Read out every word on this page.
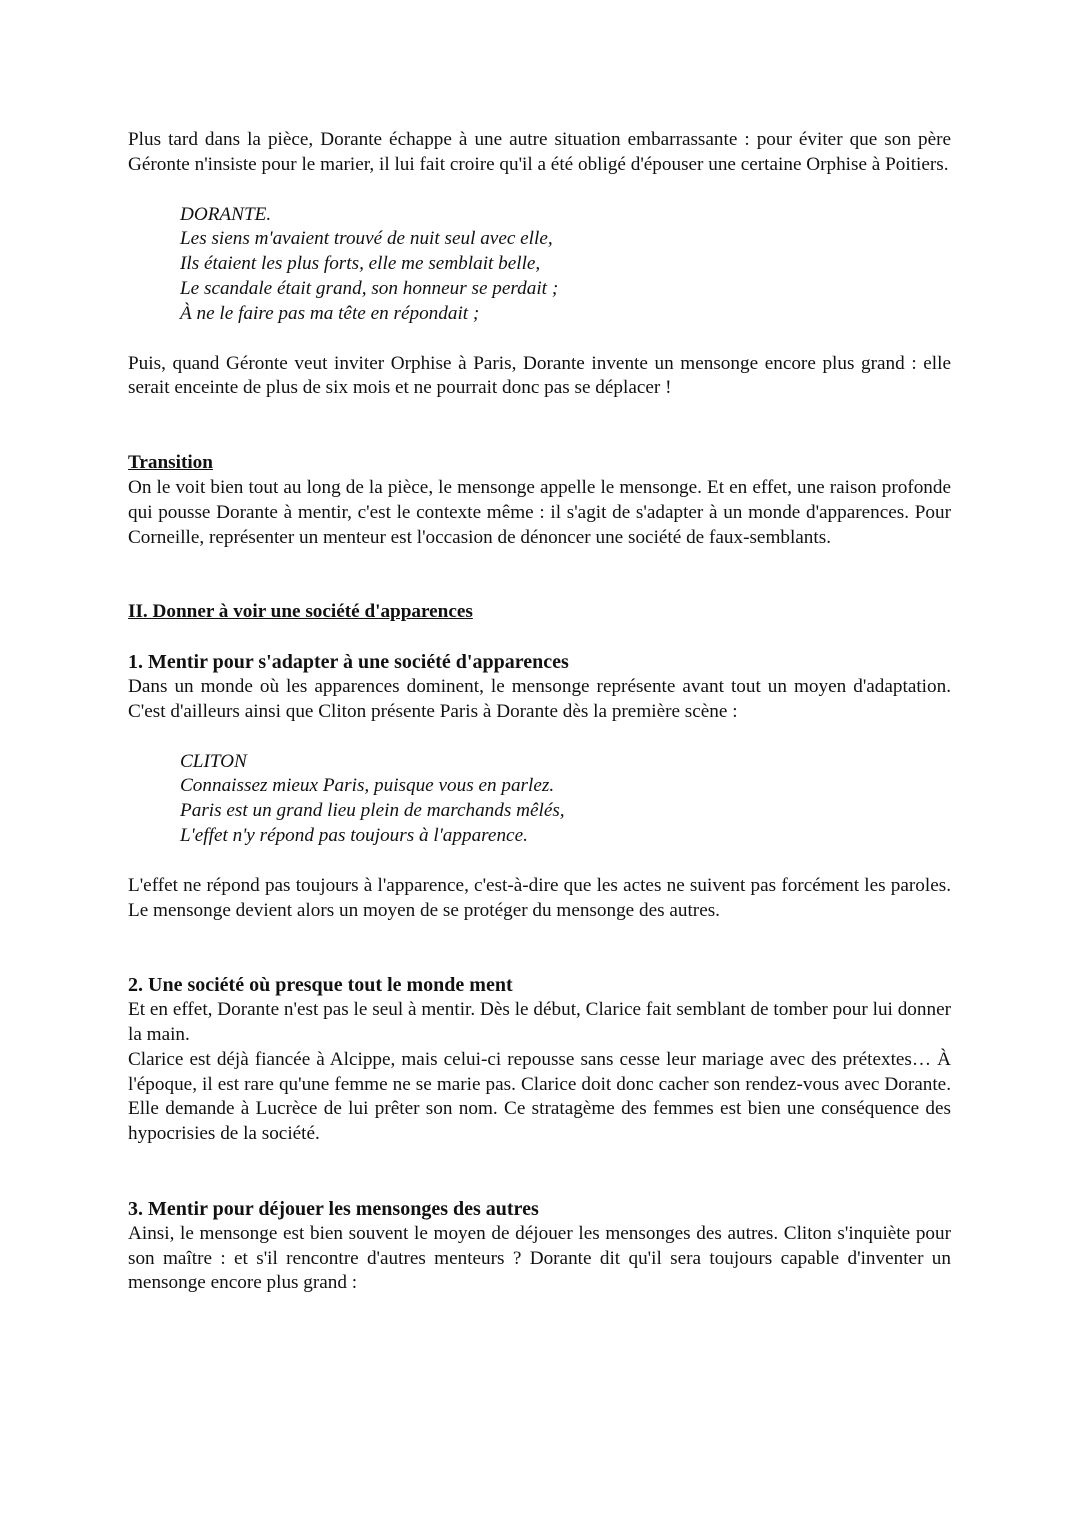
Plus tard dans la pièce, Dorante échappe à une autre situation embarrassante : pour éviter que son père Géronte n'insiste pour le marier, il lui fait croire qu'il a été obligé d'épouser une certaine Orphise à Poitiers.

DORANTE.
Les siens m'avaient trouvé de nuit seul avec elle,
Ils étaient les plus forts, elle me semblait belle,
Le scandale était grand, son honneur se perdait ;
À ne le faire pas ma tête en répondait ;

Puis, quand Géronte veut inviter Orphise à Paris, Dorante invente un mensonge encore plus grand : elle serait enceinte de plus de six mois et ne pourrait donc pas se déplacer !

Transition

On le voit bien tout au long de la pièce, le mensonge appelle le mensonge. Et en effet, une raison profonde qui pousse Dorante à mentir, c'est le contexte même : il s'agit de s'adapter à un monde d'apparences. Pour Corneille, représenter un menteur est l'occasion de dénoncer une société de faux-semblants.

II. Donner à voir une société d'apparences

1. Mentir pour s'adapter à une société d'apparences

Dans un monde où les apparences dominent, le mensonge représente avant tout un moyen d'adaptation. C'est d'ailleurs ainsi que Cliton présente Paris à Dorante dès la première scène :

CLITON
Connaissez mieux Paris, puisque vous en parlez.
Paris est un grand lieu plein de marchands mêlés,
L'effet n'y répond pas toujours à l'apparence.

L'effet ne répond pas toujours à l'apparence, c'est-à-dire que les actes ne suivent pas forcément les paroles. Le mensonge devient alors un moyen de se protéger du mensonge des autres.

2. Une société où presque tout le monde ment

Et en effet, Dorante n'est pas le seul à mentir. Dès le début, Clarice fait semblant de tomber pour lui donner la main.

Clarice est déjà fiancée à Alcippe, mais celui-ci repousse sans cesse leur mariage avec des prétextes… À l'époque, il est rare qu'une femme ne se marie pas. Clarice doit donc cacher son rendez-vous avec Dorante. Elle demande à Lucrèce de lui prêter son nom. Ce stratagème des femmes est bien une conséquence des hypocrisies de la société.

3. Mentir pour déjouer les mensonges des autres

Ainsi, le mensonge est bien souvent le moyen de déjouer les mensonges des autres. Cliton s'inquiète pour son maître : et s'il rencontre d'autres menteurs ? Dorante dit qu'il sera toujours capable d'inventer un mensonge encore plus grand :
